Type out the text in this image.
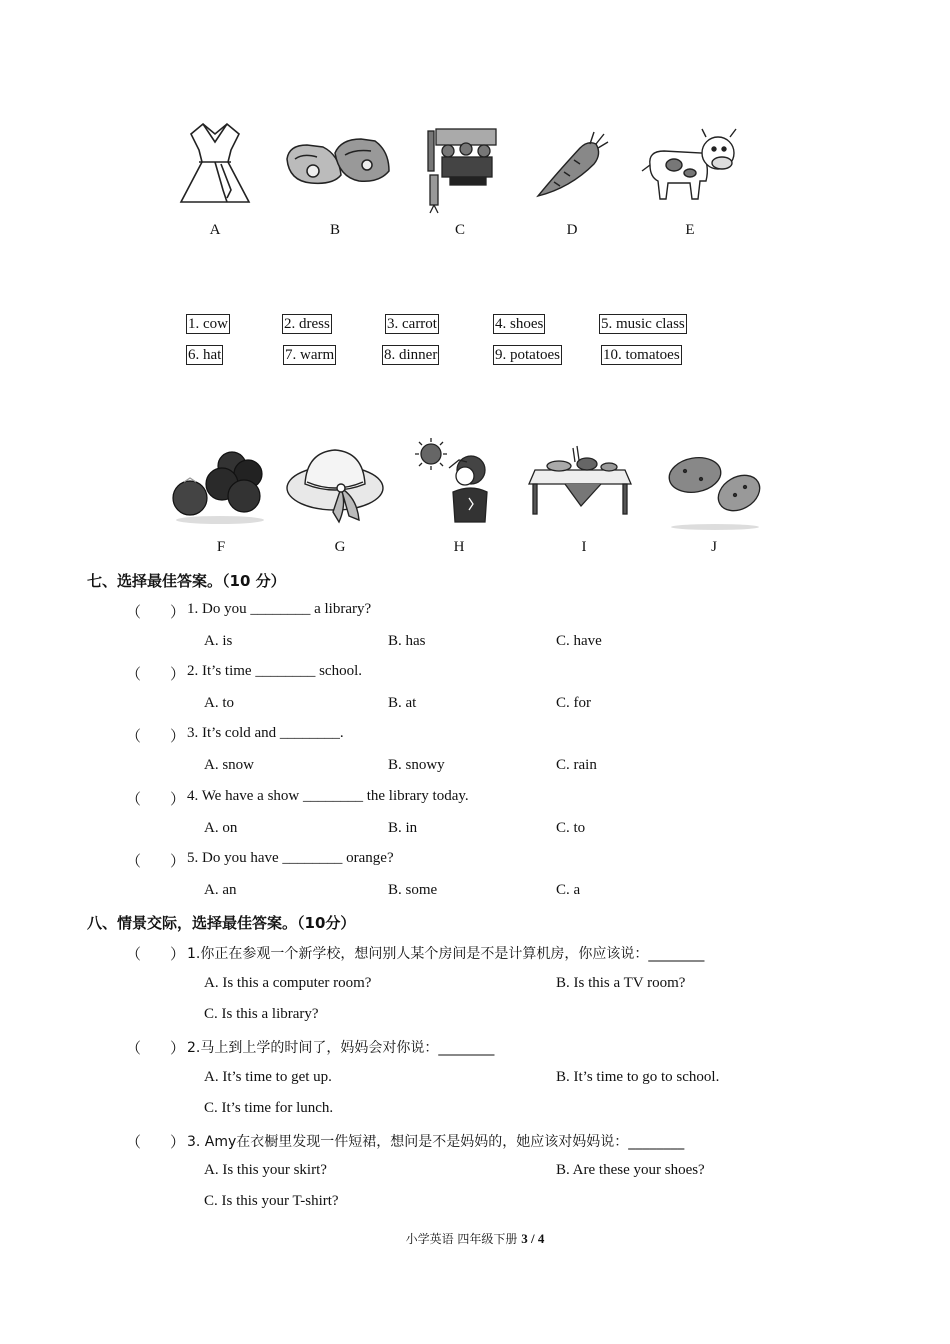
A	B	C	D	E
1. cow	2. dress	3. carrot	4. shoes	5. music class
6. hat	7. warm	8. dinner	9. potatoes	10. tomatoes
F	G	H	I	J
七、选择最佳答案。（10 分）
（ ） 1. Do you ________ a library?
A. is	B. has	C. have
（ ） 2. It’s time ________ school.
A. to	B. at	C. for
（ ） 3. It’s cold and ________.
A. snow	B. snowy	C. rain
（ ） 4. We have a show ________ the library today.
A. on	B. in	C. to
（ ） 5. Do you have ________ orange?
A. an	B. some	C. a
八、情景交际，选择最佳答案。（10分）
（ ） 1.你正在参观一个新学校，想问别人某个房间是不是计算机房，你应该说：________
A. Is this a computer room?	B. Is this a TV room?
C. Is this a library?
（ ） 2.马上到上学的时间了，妈妈会对你说：________
A. It’s time to get up.	B. It’s time to go to school.
C. It’s time for lunch.
（ ） 3. Amy在衣橱里发现一件短裙，想问是不是妈妈的，她应该对妈妈说：________
A. Is this your skirt?	B. Are these your shoes?
C. Is this your T-shirt?
小学英语 四年级下册 3 / 4
